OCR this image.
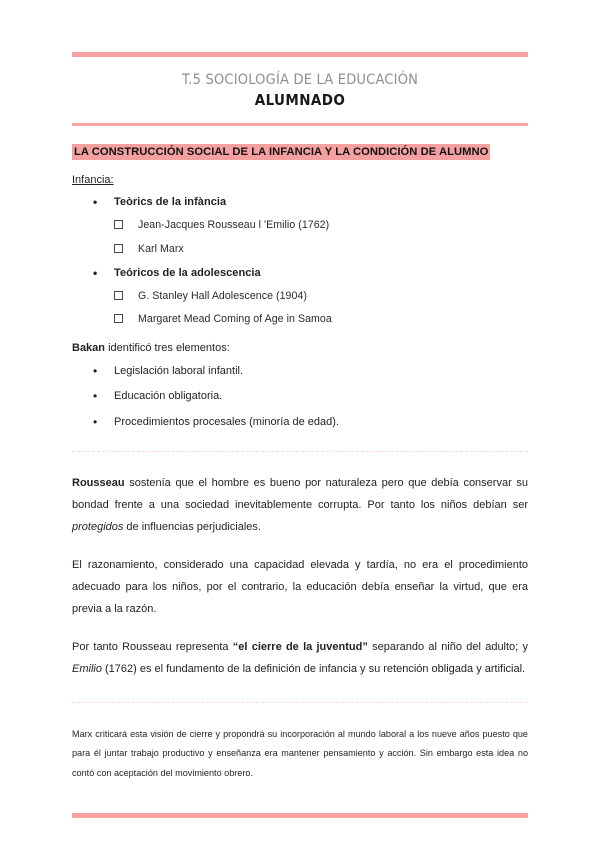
T.5 SOCIOLOGÍA DE LA EDUCACIÓN
ALUMNADO
LA CONSTRUCCIÓN SOCIAL DE LA INFANCIA Y LA CONDICIÓN DE ALUMNO
Infancia:
• Teòrics de la infància
Jean-Jacques Rousseau l 'Emilio (1762)
Karl Marx
• Teóricos de la adolescencia
G. Stanley Hall Adolescence (1904)
Margaret Mead Coming of Age in Samoa
Bakan identificó tres elementos:
• Legislación laboral infantil.
• Educación obligatoria.
• Procedimientos procesales (minoría de edad).

Rousseau sostenía que el hombre es bueno por naturaleza pero que debía conservar su bondad frente a una sociedad inevitablemente corrupta. Por tanto los niños debían ser protegidos de influencias perjudiciales.

El razonamiento, considerado una capacidad elevada y tardía, no era el procedimiento adecuado para los niños, por el contrario, la educación debía enseñar la virtud, que era previa a la razón.

Por tanto Rousseau representa “el cierre de la juventud” separando al niño del adulto; y Emilio (1762) es el fundamento de la definición de infancia y su retención obligada y artificial.

Marx criticará esta visión de cierre y propondrá su incorporación al mundo laboral a los nueve años puesto que para él juntar trabajo productivo y enseñanza era mantener pensamiento y acción. Sin embargo esta idea no contó con aceptación del movimiento obrero.
